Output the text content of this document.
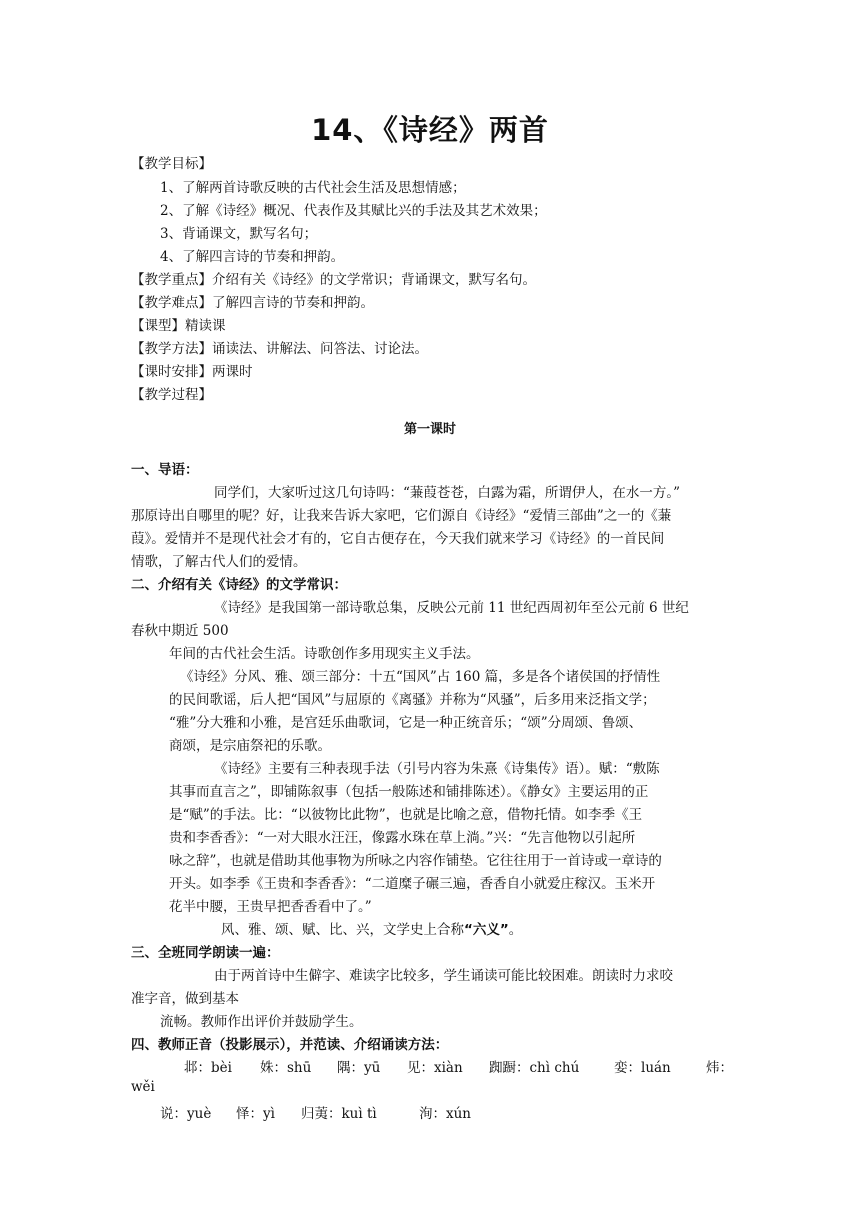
14、《诗经》两首
【教学目标】
1、了解两首诗歌反映的古代社会生活及思想情感；
2、了解《诗经》概况、代表作及其赋比兴的手法及其艺术效果；
3、背诵课文，默写名句；
4、了解四言诗的节奏和押韵。
【教学重点】介绍有关《诗经》的文学常识；背诵课文，默写名句。
【教学难点】了解四言诗的节奏和押韵。
【课型】精读课
【教学方法】诵读法、讲解法、问答法、讨论法。
【课时安排】两课时
【教学过程】
第一课时
一、导语：
同学们，大家听过这几句诗吗：“蒹葭苍苍，白露为霜，所谓伊人，在水一方。”
那原诗出自哪里的呢？好，让我来告诉大家吧，它们源自《诗经》“爱情三部曲”之一的《蒹
葭》。爱情并不是现代社会才有的，它自古便存在，今天我们就来学习《诗经》的一首民间
情歌，了解古代人们的爱情。
二、介绍有关《诗经》的文学常识：
《诗经》是我国第一部诗歌总集，反映公元前 11 世纪西周初年至公元前 6 世纪
春秋中期近 500
年间的古代社会生活。诗歌创作多用现实主义手法。
《诗经》分风、雅、颂三部分：十五“国风”占 160 篇，多是各个诸侯国的抒情性
的民间歌谣，后人把“国风”与屈原的《离骚》并称为“风骚”，后多用来泛指文学；
“雅”分大雅和小雅，是宫廷乐曲歌词，它是一种正统音乐；“颂”分周颂、鲁颂、
商颂，是宗庙祭祀的乐歌。
《诗经》主要有三种表现手法（引号内容为朱熹《诗集传》语）。赋：“敷陈
其事而直言之”，即铺陈叙事（包括一般陈述和铺排陈述）。《静女》主要运用的正
是“赋”的手法。比：“以彼物比此物”，也就是比喻之意，借物托情。如李季《王
贵和李香香》：“一对大眼水汪汪，像露水珠在草上淌。”兴：“先言他物以引起所
咏之辞”，也就是借助其他事物为所咏之内容作铺垫。它往往用于一首诗或一章诗的
开头。如李季《王贵和李香香》：“二道糜子碾三遍，香香自小就爱庄稼汉。玉米开
花半中腰，王贵早把香香看中了。”
风、雅、颂、赋、比、兴，文学史上合称“六义”。
三、全班同学朗读一遍：
由于两首诗中生僻字、难读字比较多，学生诵读可能比较困难。朗读时力求咬
准字音，做到基本
流畅。教师作出评价并鼓励学生。
四、教师正音（投影展示），并范读、介绍诵读方法：
邶：bèi 姝：shū 隅：yū 见：xiàn 踟蹰：chì chú	娈：luán	炜：
wěi
说：yuè 怿：yì 归荑：kuì tì	洵：xún
